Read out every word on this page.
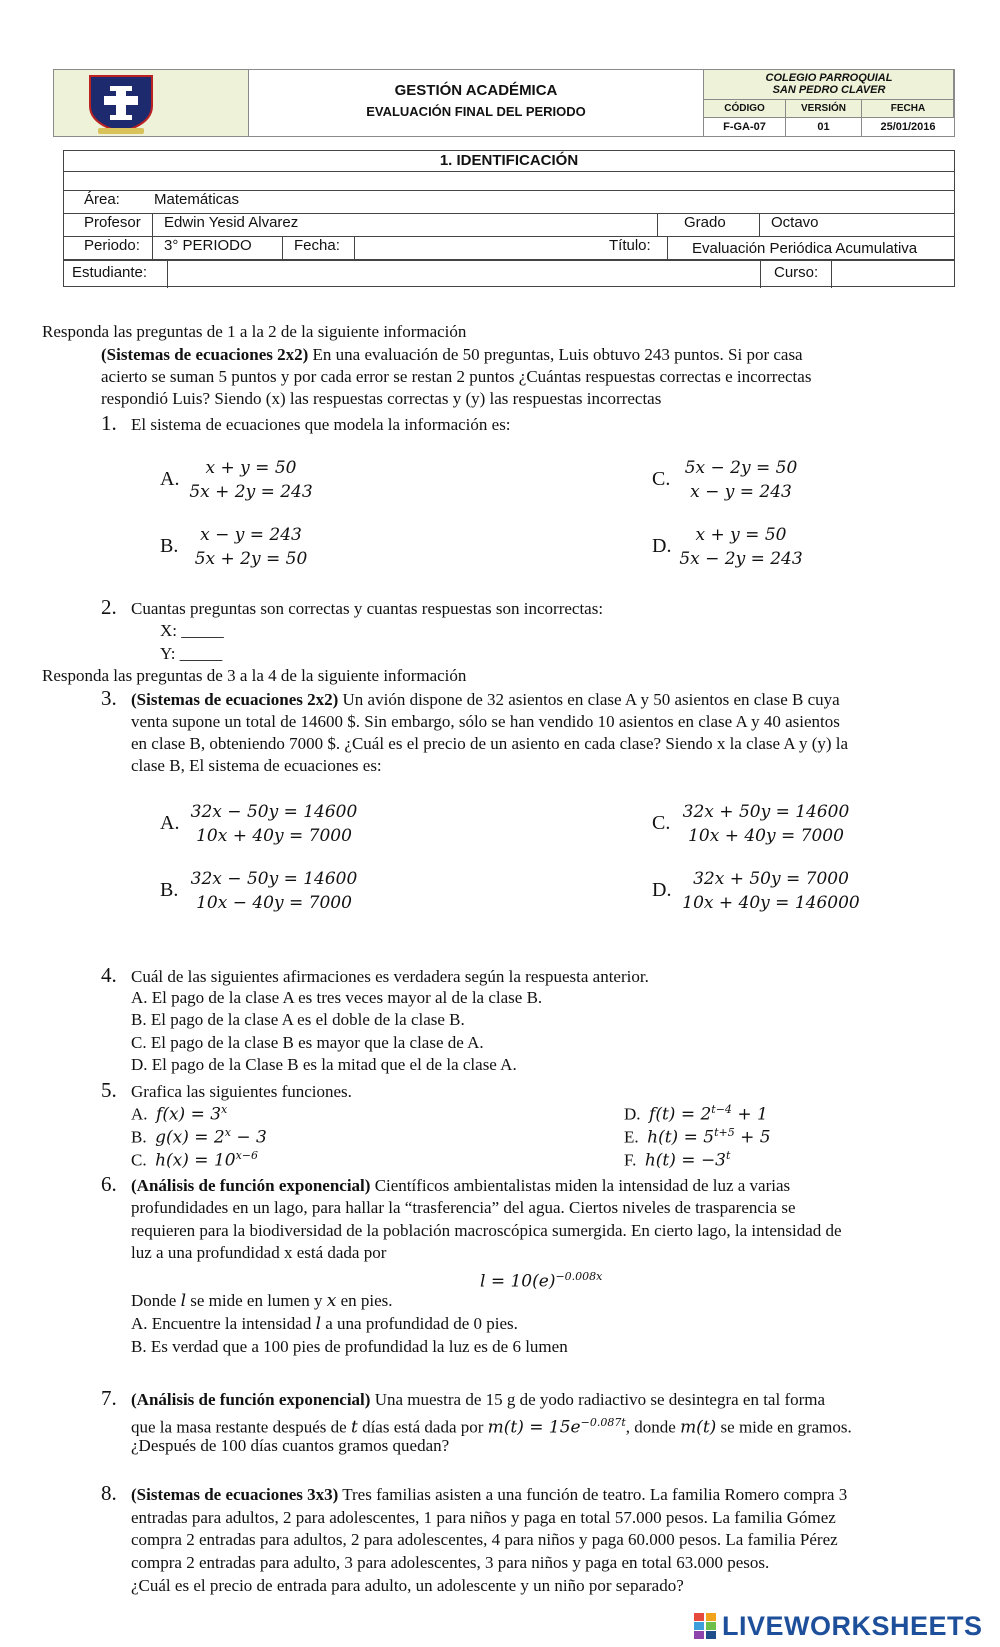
GESTIÓN ACADÉMICA
EVALUACIÓN FINAL DEL PERIODO
COLEGIO PARROQUIAL
SAN PEDRO CLAVER
CÓDIGO	VERSIÓN	FECHA
F-GA-07	01	25/01/2016
1. IDENTIFICACIÓN
Área: Matemáticas
Profesor Edwin Yesid Alvarez	Grado	Octavo
Periodo: 3° PERIODO	Fecha:	Título:	Evaluación Periódica Acumulativa
Estudiante:	Curso:
Responda las preguntas de 1 a la 2 de la siguiente información
(Sistemas de ecuaciones 2x2) En una evaluación de 50 preguntas, Luis obtuvo 243 puntos. Si por casa
acierto se suman 5 puntos y por cada error se restan 2 puntos ¿Cuántas respuestas correctas e incorrectas
respondió Luis? Siendo (x) las respuestas correctas y (y) las respuestas incorrectas
1. El sistema de ecuaciones que modela la información es:
A.	x + y = 50
5x + 2y = 243
B.	x − y = 243
5x + 2y = 50
C. 5x − 2y = 50
x − y = 243
D.	x + y = 50
5x − 2y = 243
2. Cuantas preguntas son correctas y cuantas respuestas son incorrectas:
X: _____
Y: _____
Responda las preguntas de 3 a la 4 de la siguiente información
3. (Sistemas de ecuaciones 2x2) Un avión dispone de 32 asientos en clase A y 50 asientos en clase B cuya
venta supone un total de 14600 $. Sin embargo, sólo se han vendido 10 asientos en clase A y 40 asientos
en clase B, obteniendo 7000 $. ¿Cuál es el precio de un asiento en cada clase? Siendo x la clase A y (y) la
clase B, El sistema de ecuaciones es:
A. 32x − 50y = 14600
10x + 40y = 7000
B. 32x − 50y = 14600
10x − 40y = 7000
C. 32x + 50y = 14600
10x + 40y = 7000
D.	32x + 50y = 7000
10x + 40y = 146000
4. Cuál de las siguientes afirmaciones es verdadera según la respuesta anterior.
A. El pago de la clase A es tres veces mayor al de la clase B.
B. El pago de la clase A es el doble de la clase B.
C. El pago de la clase B es mayor que la clase de A.
D. El pago de la Clase B es la mitad que el de la clase A.
5. Grafica las siguientes funciones.
A. $f(x) = 3^x$
B. $g(x) = 2^x - 3$
C. $h(x) = 10^{x-6}$
D. $f(t) = 2^{t-4} + 1$
E. $h(t) = 5^{t+5} + 5$
F. $h(t) = -3^t$
6. (Análisis de función exponencial) Científicos ambientalistas miden la intensidad de luz a varias
profundidades en un lago, para hallar la “trasferencia” del agua. Ciertos niveles de trasparencia se
requieren para la biodiversidad de la población macroscópica sumergida. En cierto lago, la intensidad de
luz a una profundidad x está dada por
$l = 10(e)^{-0.008x}$
Donde l se mide en lumen y x en pies.
A. Encuentre la intensidad l a una profundidad de 0 pies.
B. Es verdad que a 100 pies de profundidad la luz es de 6 lumen
7. (Análisis de función exponencial) Una muestra de 15 g de yodo radiactivo se desintegra en tal forma
que la masa restante después de t días está dada por $m(t) = 15e^{-0.087t}$, donde m(t) se mide en gramos.
¿Después de 100 días cuantos gramos quedan?
8. (Sistemas de ecuaciones 3x3) Tres familias asisten a una función de teatro. La familia Romero compra 3
entradas para adultos, 2 para adolescentes, 1 para niños y paga en total 57.000 pesos. La familia Gómez
compra 2 entradas para adultos, 2 para adolescentes, 4 para niños y paga 60.000 pesos. La familia Pérez
compra 2 entradas para adulto, 3 para adolescentes, 3 para niños y paga en total 63.000 pesos.
¿Cuál es el precio de entrada para adulto, un adolescente y un niño por separado?
LIVEWORKSHEETS
